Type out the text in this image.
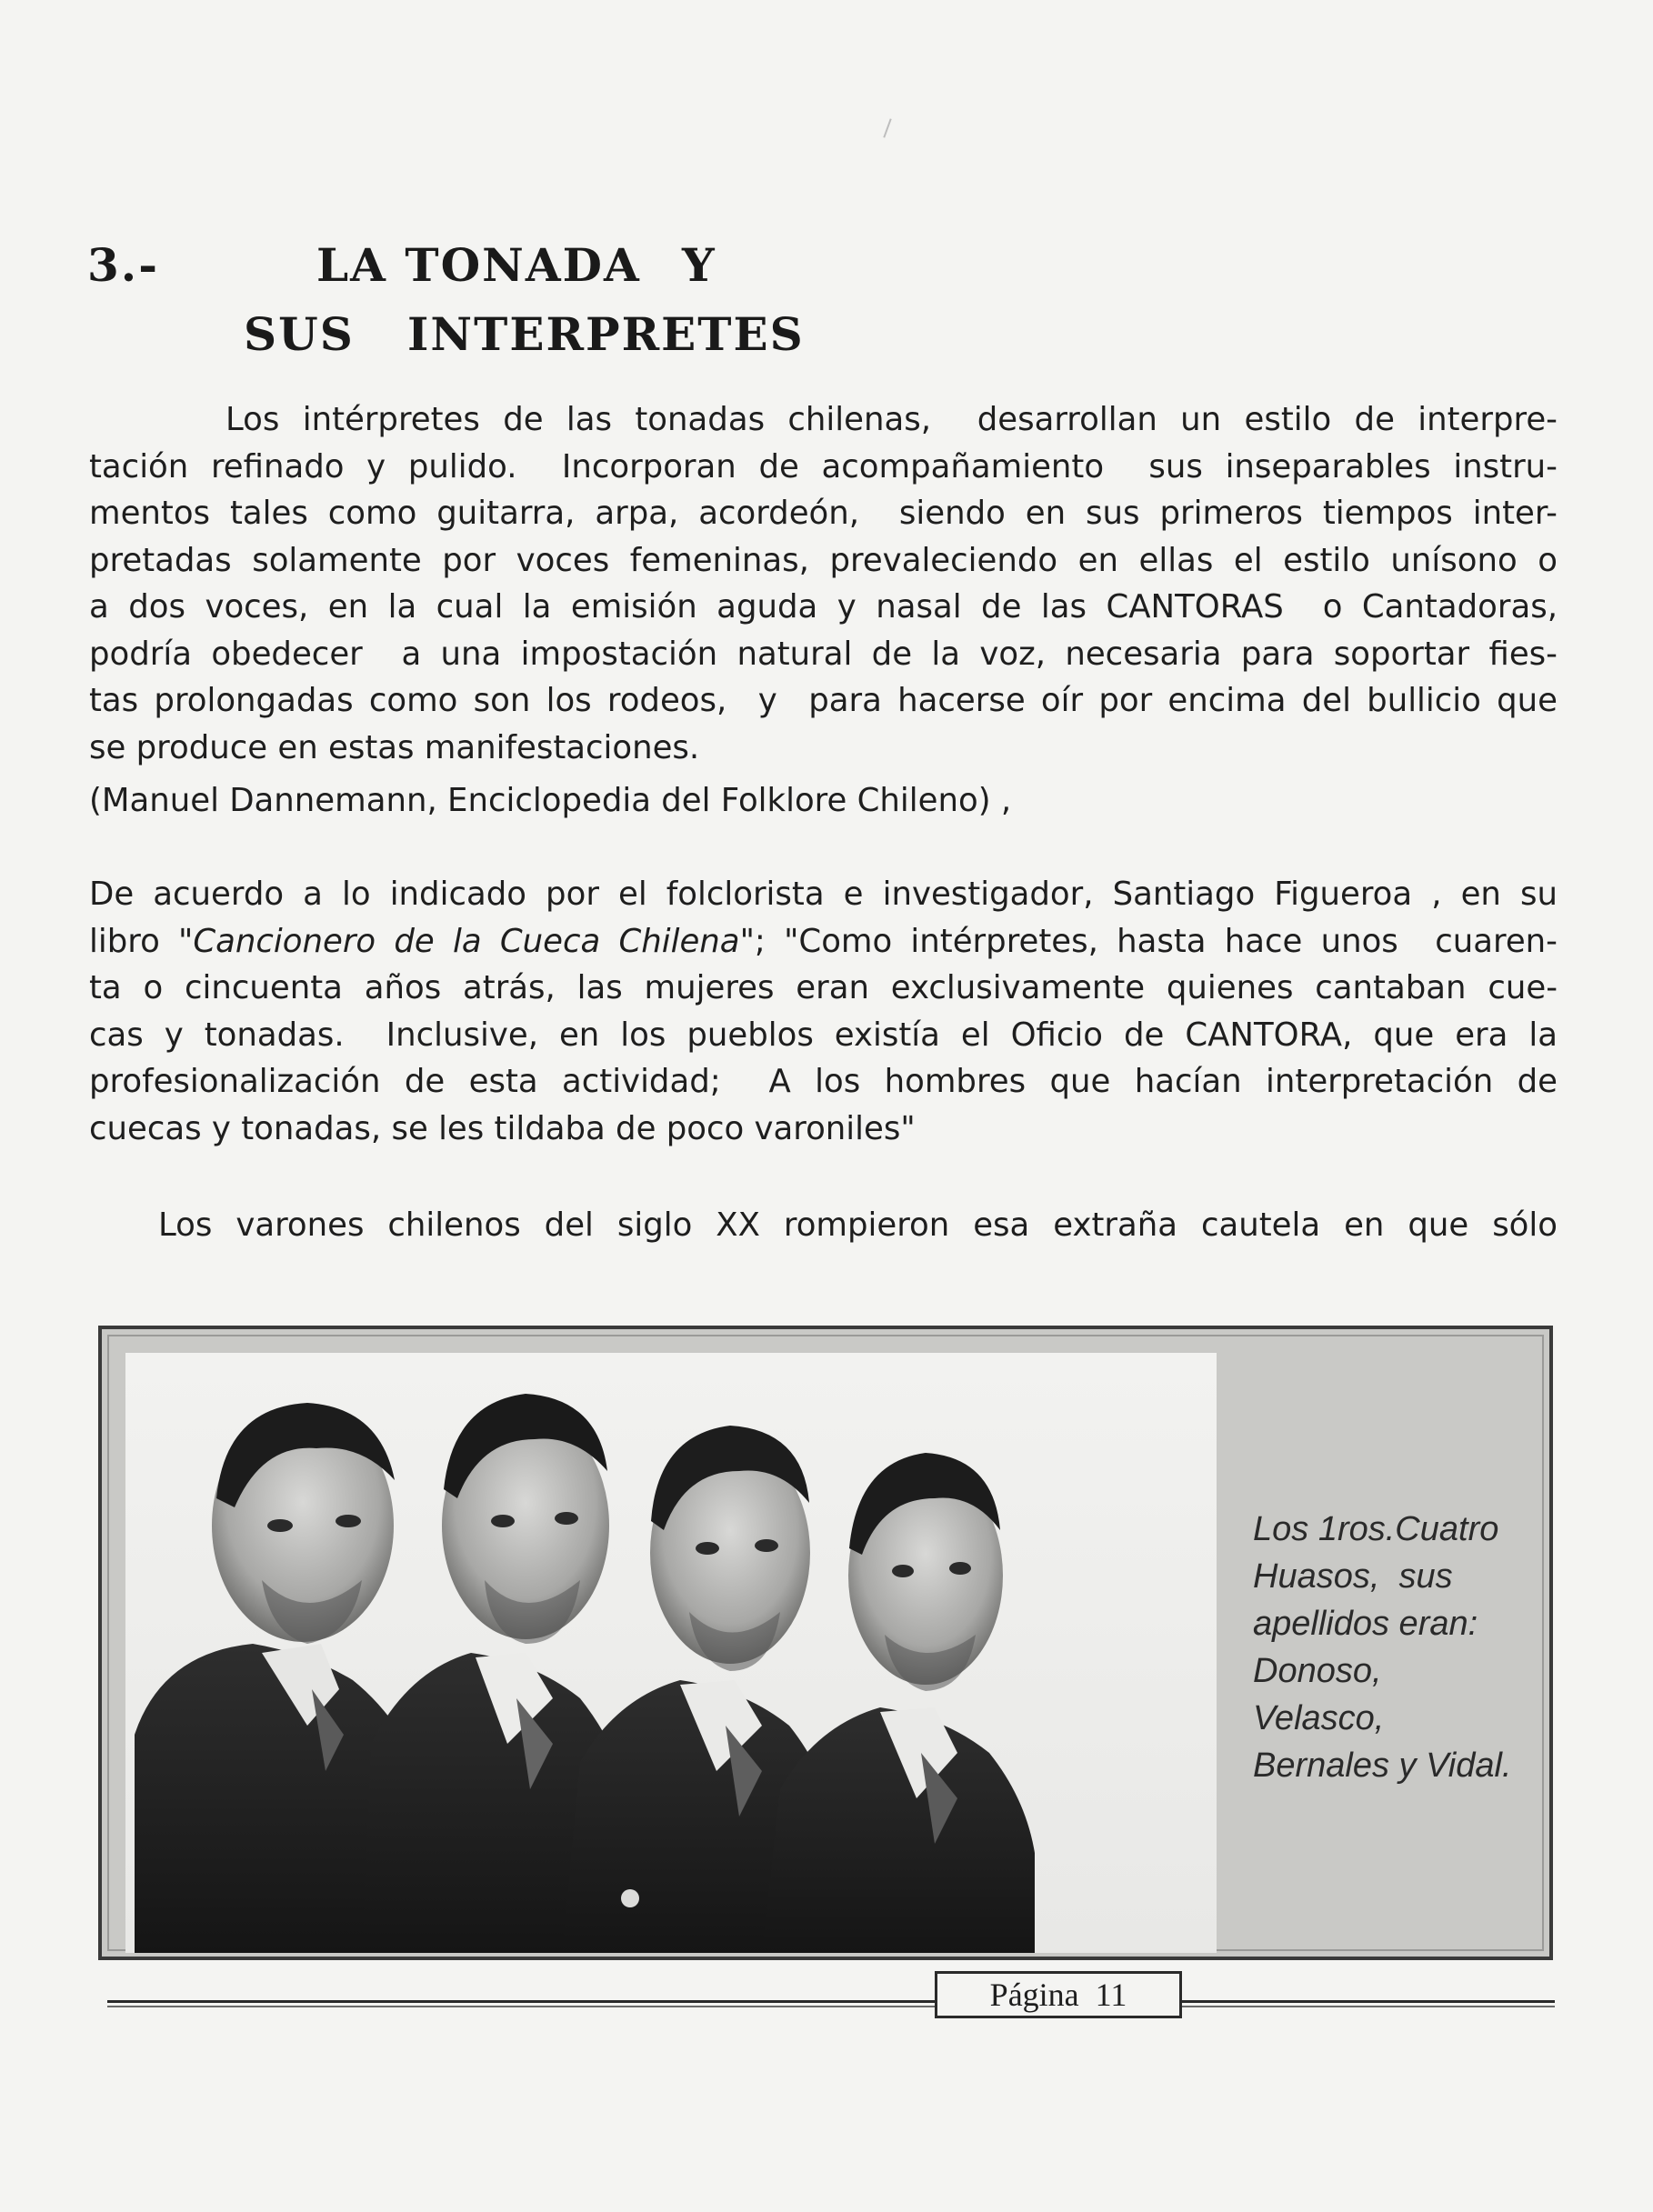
3.-	LA TONADA Y
SUS   INTERPRETES
Los intérpretes de las tonadas chilenas,  desarrollan un estilo de interpre-
tación refinado y pulido.  Incorporan de acompañamiento  sus inseparables instru-
mentos tales como guitarra, arpa, acordeón,  siendo en sus primeros tiempos inter-
pretadas solamente por voces femeninas, prevaleciendo en ellas el estilo unísono o
a dos voces, en la cual la emisión aguda y nasal de las CANTORAS  o Cantadoras,
podría obedecer  a una impostación natural de la voz, necesaria para soportar fies-
tas prolongadas como son los rodeos,  y  para hacerse oír por encima del bullicio que
se produce en estas manifestaciones.
(Manuel Dannemann, Enciclopedia del Folklore Chileno) ,
De acuerdo a lo indicado por el folclorista e investigador, Santiago Figueroa , en su
libro "Cancionero de la Cueca Chilena"; "Como intérpretes, hasta hace unos  cuaren-
ta o cincuenta años atrás, las mujeres eran exclusivamente quienes cantaban cue-
cas y tonadas.  Inclusive, en los pueblos existía el Oficio de CANTORA, que era la
profesionalización de esta actividad;  A los hombres que hacían interpretación de
cuecas y tonadas, se les tildaba de poco varoniles"
Los varones chilenos del siglo XX rompieron esa extraña cautela en que sólo
Los 1ros.Cuatro
Huasos,  sus
apellidos eran:
Donoso,
Velasco,
Bernales y Vidal.
Página  11
